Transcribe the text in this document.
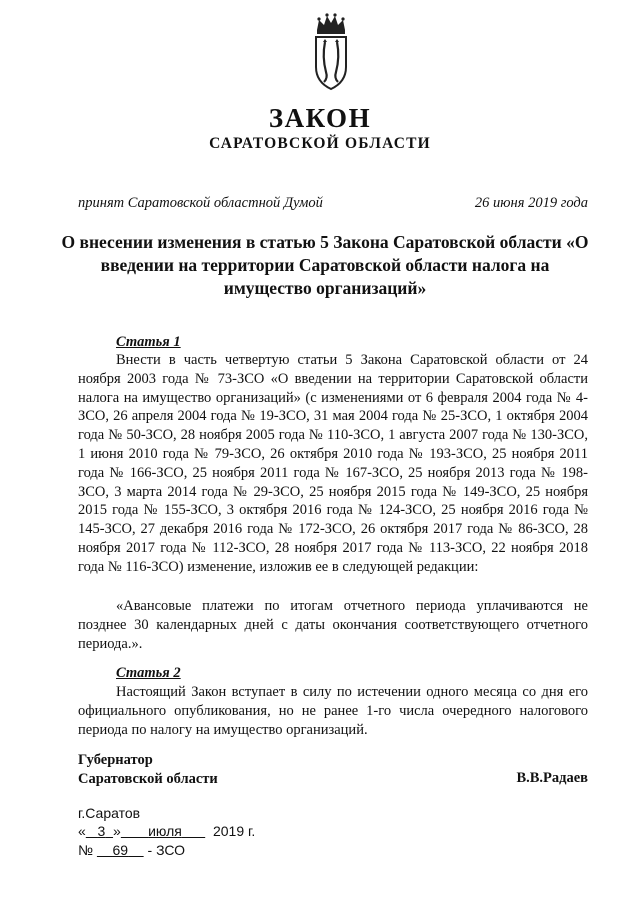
ЗАКОН
САРАТОВСКОЙ ОБЛАСТИ
принят Саратовской областной Думой	26 июня 2019 года
О внесении изменения в статью 5 Закона Саратовской области «О введении на территории Саратовской области налога на имущество организаций»
Статья 1

Внести в часть четвертую статьи 5 Закона Саратовской области от 24 ноября 2003 года № 73-ЗСО «О введении на территории Саратовской области налога на имущество организаций» (с изменениями от 6 февраля 2004 года № 4-ЗСО, 26 апреля 2004 года № 19-ЗСО, 31 мая 2004 года № 25-ЗСО, 1 октября 2004 года № 50-ЗСО, 28 ноября 2005 года № 110-ЗСО, 1 августа 2007 года № 130-ЗСО, 1 июня 2010 года № 79-ЗСО, 26 октября 2010 года № 193-ЗСО, 25 ноября 2011 года № 166-ЗСО, 25 ноября 2011 года № 167-ЗСО, 25 ноября 2013 года № 198-ЗСО, 3 марта 2014 года № 29-ЗСО, 25 ноября 2015 года № 149-ЗСО, 25 ноября 2015 года № 155-ЗСО, 3 октября 2016 года № 124-ЗСО, 25 ноября 2016 года № 145-ЗСО, 27 декабря 2016 года № 172-ЗСО, 26 октября 2017 года № 86-ЗСО, 28 ноября 2017 года № 112-ЗСО, 28 ноября 2017 года № 113-ЗСО, 22 ноября 2018 года № 116-ЗСО) изменение, изложив ее в следующей редакции:

«Авансовые платежи по итогам отчетного периода уплачиваются не позднее 30 календарных дней с даты окончания соответствующего отчетного периода.».
Статья 2

Настоящий Закон вступает в силу по истечении одного месяца со дня его официального опубликования, но не ранее 1-го числа очередного налогового периода по налогу на имущество организаций.

Губернатор
Саратовской области	В.В.Радаев
г.Саратов
« 3 » июля 2019 г.
№ 69 - ЗСО
